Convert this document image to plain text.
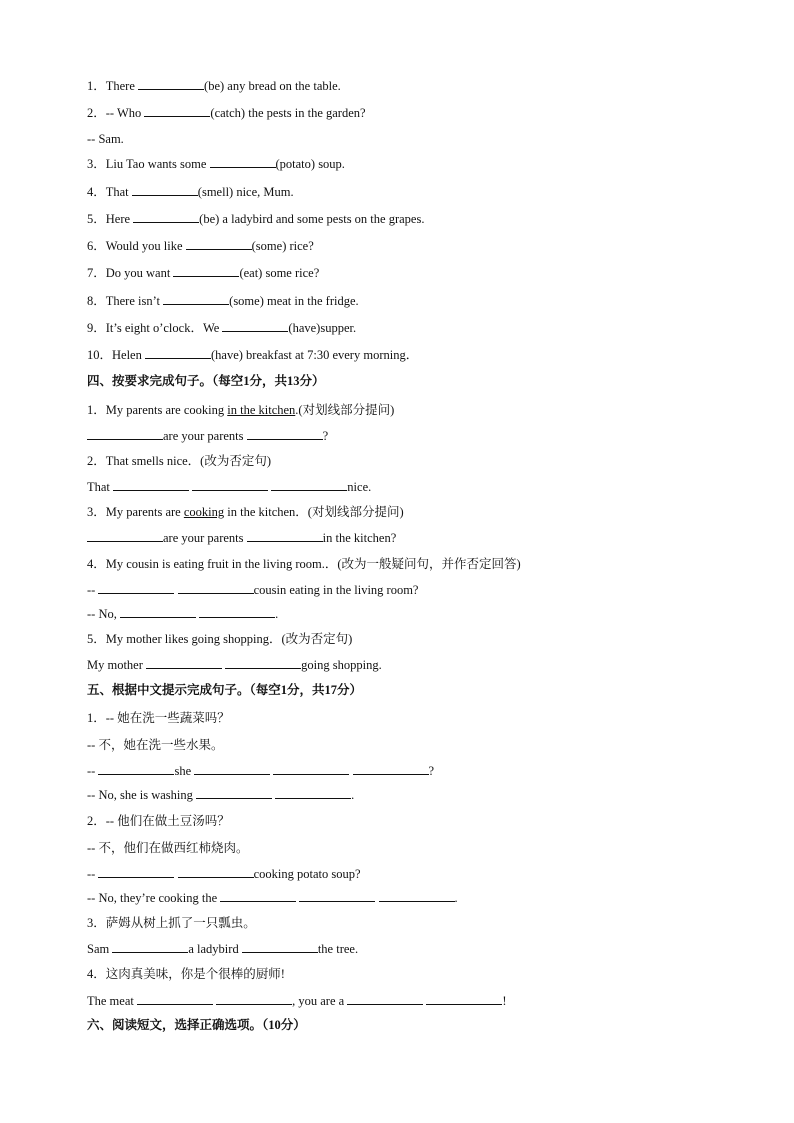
1．There	(be) any bread on the table.
2．-- Who	(catch) the pests in the garden?
-- Sam.
3．Liu Tao wants some	(potato) soup.
4．That	(smell) nice, Mum.
5．Here	(be) a ladybird and some pests on the grapes.
6．Would you like	(some) rice?
7．Do you want	(eat) some rice?
8．There isn’t	(some) meat in the fridge.
9．It’s eight o’clock．We	(have)supper.
10．Helen	(have) breakfast at 7:30 every morning．
四、按要求完成句子。（每空1分，共13分）
1．My parents are cooking in the kitchen.(对划线部分提问)
are your parents	?
2．That smells nice．(改为否定句)
That	nice.
3．My parents are cooking in the kitchen．(对划线部分提问)
are your parents	in the kitchen?
4．My cousin is eating fruit in the living room.．(改为一般疑问句，并作否定回答)
--	cousin eating in the living room?
-- No,	.
5．My mother likes going shopping．(改为否定句)
My mother	going shopping.
五、根据中文提示完成句子。（每空1分，共17分）
1．-- 她在洗一些蔬菜吗？
-- 不，她在洗一些水果。
--	she	?
-- No, she is washing	.
2．-- 他们在做土豆汤吗？
-- 不，他们在做西红柿烧肉。
--	cooking potato soup?
-- No, they’re cooking the	.
3．萨姆从树上抓了一只瓢虫。
Sam	a ladybird	the tree.
4．这肉真美味，你是个很棒的厨师!
The meat	, you are a	!
六、阅读短文，选择正确选项。（10分）
